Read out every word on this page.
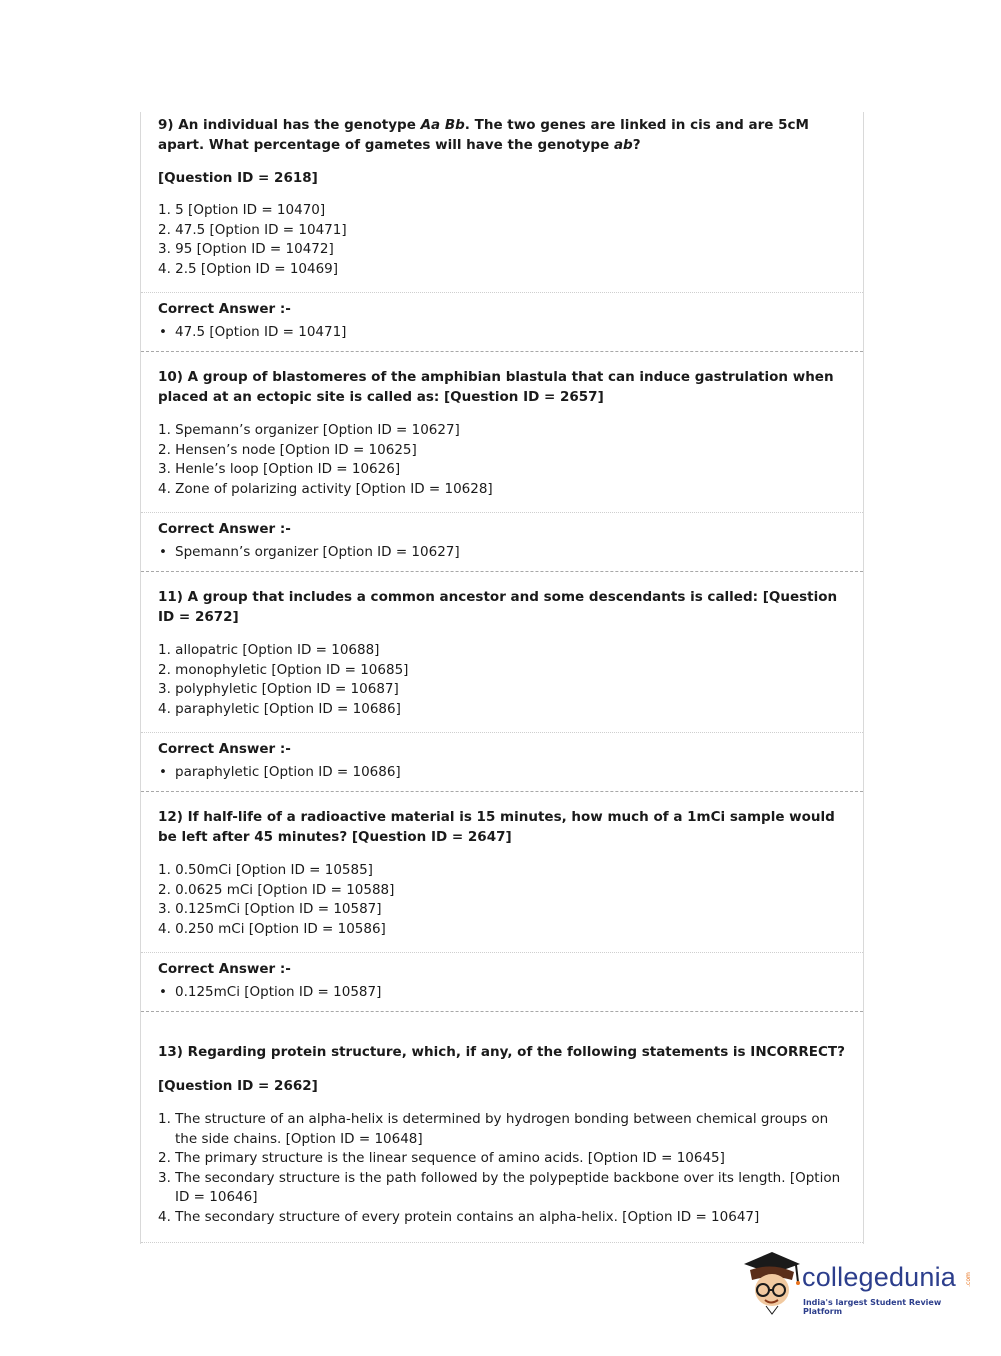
9) An individual has the genotype Aa Bb. The two genes are linked in cis and are 5cM apart. What percentage of gametes will have the genotype ab?

[Question ID = 2618]

1. 5 [Option ID = 10470]
2. 47.5 [Option ID = 10471]
3. 95 [Option ID = 10472]
4. 2.5 [Option ID = 10469]

Correct Answer :-

• 47.5 [Option ID = 10471]

10) A group of blastomeres of the amphibian blastula that can induce gastrulation when placed at an ectopic site is called as: [Question ID = 2657]

1. Spemann’s organizer [Option ID = 10627]
2. Hensen’s node [Option ID = 10625]
3. Henle’s loop [Option ID = 10626]
4. Zone of polarizing activity [Option ID = 10628]

Correct Answer :-

• Spemann’s organizer [Option ID = 10627]

11) A group that includes a common ancestor and some descendants is called: [Question ID = 2672]

1. allopatric [Option ID = 10688]
2. monophyletic [Option ID = 10685]
3. polyphyletic [Option ID = 10687]
4. paraphyletic [Option ID = 10686]

Correct Answer :-

• paraphyletic [Option ID = 10686]

12) If half-life of a radioactive material is 15 minutes, how much of a 1mCi sample would be left after 45 minutes? [Question ID = 2647]

1. 0.50mCi [Option ID = 10585]
2. 0.0625 mCi [Option ID = 10588]
3. 0.125mCi [Option ID = 10587]
4. 0.250 mCi [Option ID = 10586]

Correct Answer :-

• 0.125mCi [Option ID = 10587]

13) Regarding protein structure, which, if any, of the following statements is INCORRECT?

[Question ID = 2662]

1. The structure of an alpha-helix is determined by hydrogen bonding between chemical groups on the side chains. [Option ID = 10648]
2. The primary structure is the linear sequence of amino acids. [Option ID = 10645]
3. The secondary structure is the path followed by the polypeptide backbone over its length. [Option ID = 10646]
4. The secondary structure of every protein contains an alpha-helix. [Option ID = 10647]
collegedunia .com
India's largest Student Review Platform
